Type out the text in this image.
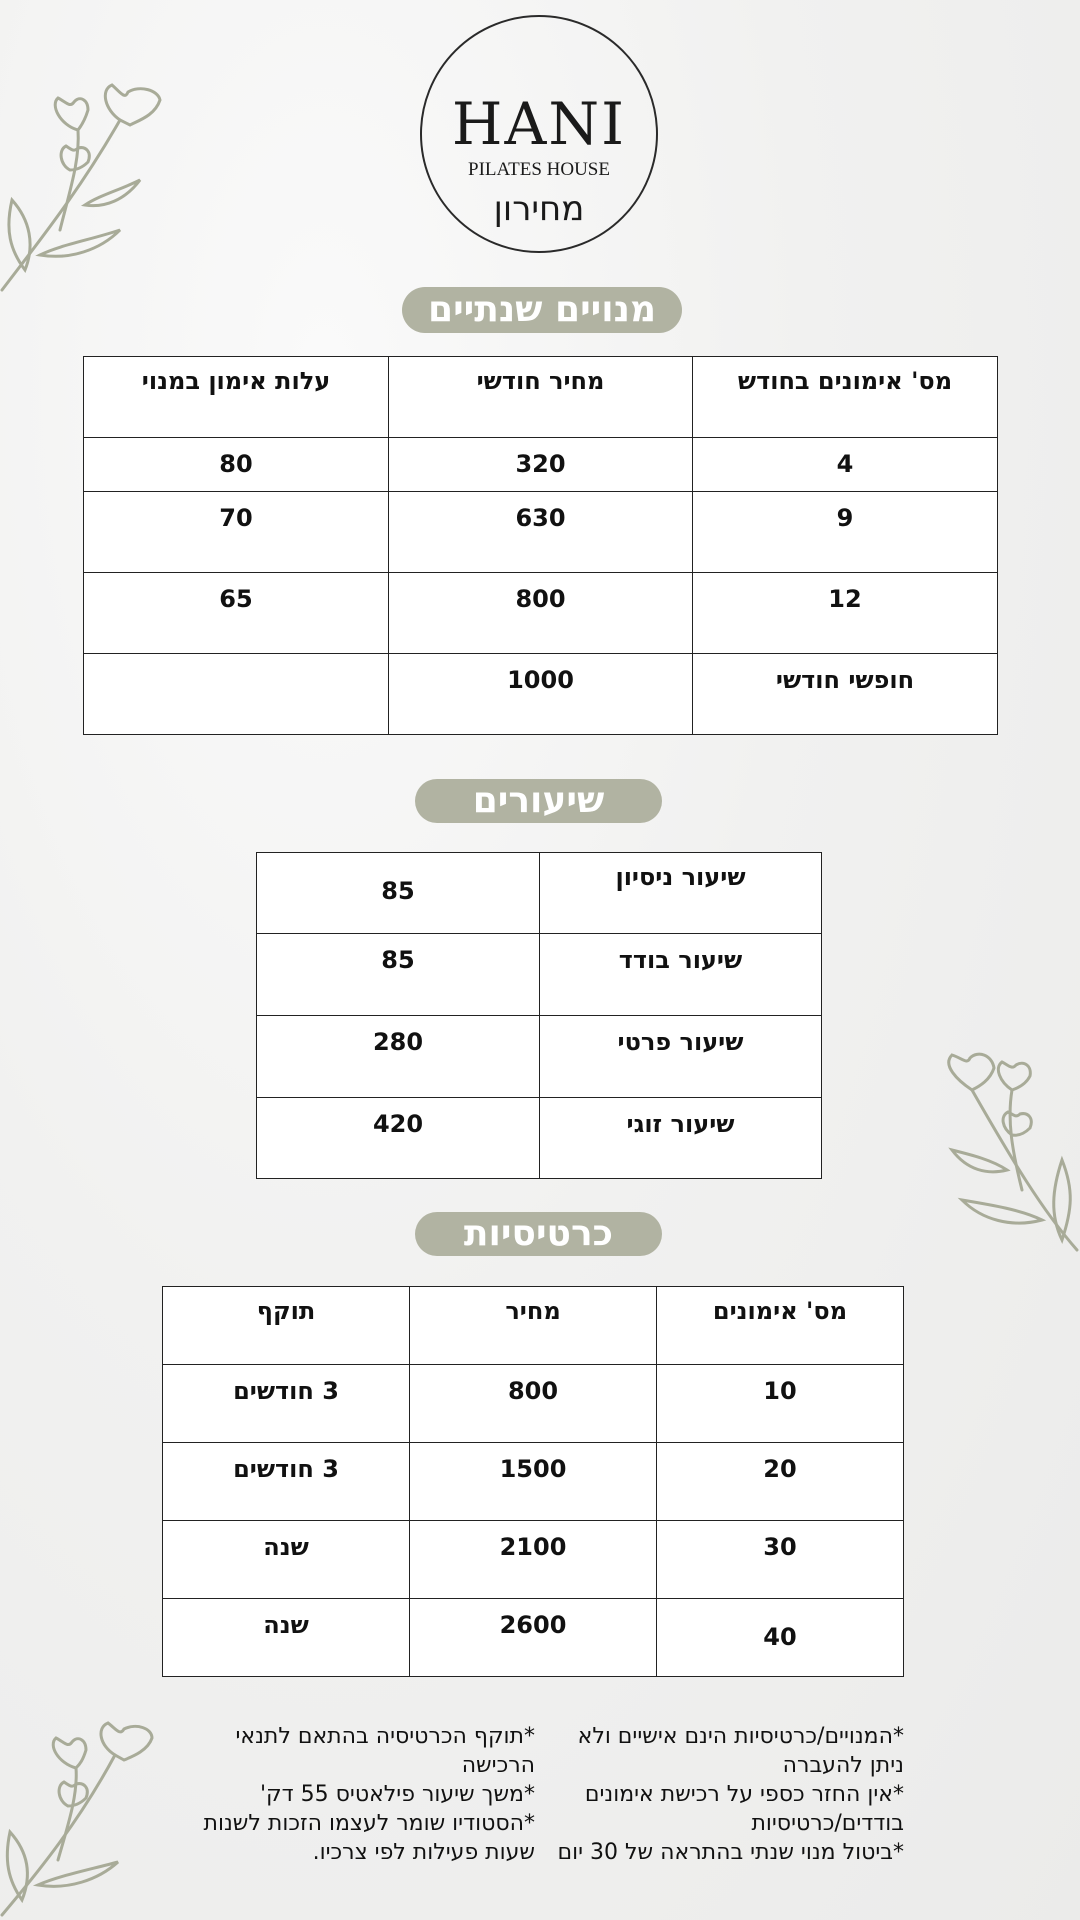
HANI
PILATES HOUSE
מחירון
מנויים שנתיים
מס' אימונים בחודש	מחיר חודשי	עלות אימון במנוי
4	320	80
9	630	70
12	800	65
חופשי חודשי	1000	
שיעורים
שיעור ניסיון	85
שיעור בודד	85
שיעור פרטי	280
שיעור זוגי	420
כרטיסיות
מס' אימונים	מחיר	תוקף
10	800	3 חודשים
20	1500	3 חודשים
30	2100	שנה
40	2600	שנה
*המנויים/כרטיסיות הינם אישיים ולא ניתן להעברה
*אין החזר כספי על רכישת אימונים בודדים/כרטיסיות
*ביטול מנוי שנתי בהתראה של 30 יום
*תוקף הכרטיסיה בהתאם לתנאי הרכישה
*משך שיעור פילאטיס 55 דק'
*הסטודיו שומר לעצמו הזכות לשנות שעות פעילות לפי צרכיו.
